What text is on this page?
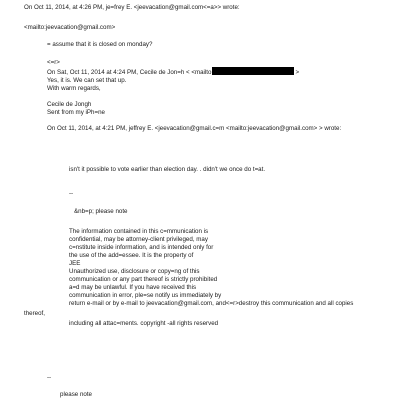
On Oct 11, 2014, at 4:26 PM, je=frey E. <jeevacation@gmail.com<=a>> wrote:
<mailto:jeevacation@gmail.com>
= assume that it is closed on monday?
<=r>
On Sat, Oct 11, 2014 at 4:24 PM, Cecile de Jon=h < <mailto	>
Yes, it is. We can set that up.
With warm regards,
Cecile de Jongh
Sent from my iPh=ne
On Oct 11, 2014, at 4:21 PM, jeffrey E. <jeevacation@gmail.c=m <mailto:jeevacation@gmail.com> > wrote:
isn't it possible to vote earlier than election day. . didn't we once do t=at.
--
&nb=p; please note
The information contained in this c=mmunication is
confidential, may be attorney-client privileged, may
c=nstitute inside information, and is intended only for
the use of the add=essee. It is the property of
JEE
Unauthorized use, disclosure or copy=ng of this
communication or any part thereof is strictly prohibited
a=d may be unlawful. If you have received this
communication in error, ple=se notify us immediately by
return e-mail or by e-mail to jeevacation@gmail.com, and<=r>destroy this communication and all copies
thereof,
including all attac=ments. copyright -all rights reserved
--
please note
